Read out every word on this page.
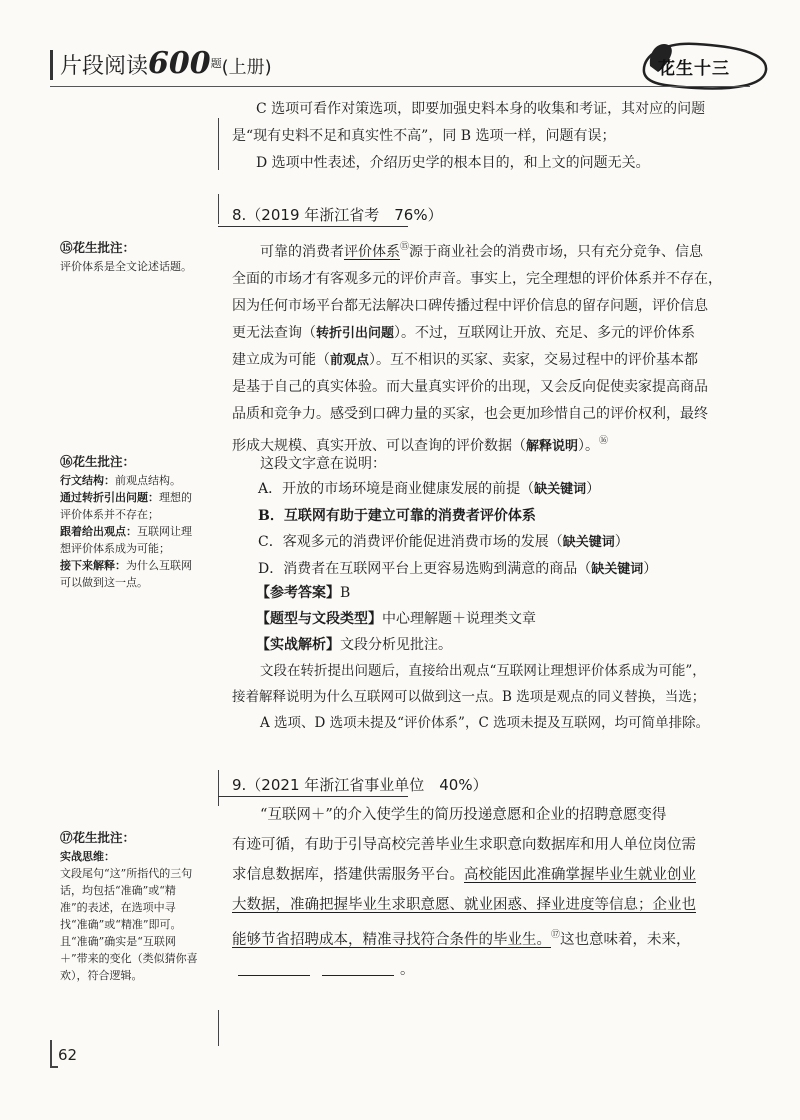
片段阅读$600^题$(上册)	花生十三
C 选项可看作对策选项，即要加强史料本身的收集和考证，其对应的问题
是“现有史料不足和真实性不高”，同 B 选项一样，问题有误；
D 选项中性表述，介绍历史学的根本目的，和上文的问题无关。
8.（2019 年浙江省考　76%）
可靠的消费者评价体系⑮源于商业社会的消费市场，只有充分竞争、信息
全面的市场才有客观多元的评价声音。事实上，完全理想的评价体系并不存在，
因为任何市场平台都无法解决口碑传播过程中评价信息的留存问题，评价信息
更无法查询（转折引出问题）。不过，互联网让开放、充足、多元的评价体系
建立成为可能（前观点）。互不相识的买家、卖家，交易过程中的评价基本都
是基于自己的真实体验。而大量真实评价的出现，又会反向促使卖家提高商品
品质和竞争力。感受到口碑力量的买家，也会更加珍惜自己的评价权利，最终
形成大规模、真实开放、可以查询的评价数据（解释说明）。⑯
这段文字意在说明：
A．开放的市场环境是商业健康发展的前提（缺关键词）
B．互联网有助于建立可靠的消费者评价体系
C．客观多元的消费评价能促进消费市场的发展（缺关键词）
D．消费者在互联网平台上更容易选购到满意的商品（缺关键词）
【参考答案】B
【题型与文段类型】中心理解题＋说理类文章
【实战解析】文段分析见批注。
文段在转折提出问题后，直接给出观点“互联网让理想评价体系成为可能”，
接着解释说明为什么互联网可以做到这一点。B 选项是观点的同义替换，当选；
A 选项、D 选项未提及“评价体系”，C 选项未提及互联网，均可简单排除。
9.（2021 年浙江省事业单位　40%）
“互联网＋”的介入使学生的简历投递意愿和企业的招聘意愿变得
有迹可循，有助于引导高校完善毕业生求职意向数据库和用人单位岗位需
求信息数据库，搭建供需服务平台。高校能因此准确掌握毕业生就业创业
大数据，准确把握毕业生求职意愿、就业困惑、择业进度等信息；企业也
能够节省招聘成本，精准寻找符合条件的毕业生。⑰这也意味着，未来，
。
⑮花生批注：
评价体系是全文论述话题。
⑯花生批注：
行文结构：前观点结构。
通过转折引出问题：理想的评价体系并不存在；
跟着给出观点：互联网让理想评价体系成为可能；
接下来解释：为什么互联网可以做到这一点。
⑰花生批注：
实战思维：
文段尾句“这”所指代的三句话，均包括“准确”或“精准”的表述，在选项中寻找“准确”或“精准”即可。且“准确”确实是“互联网＋”带来的变化（类似猜你喜欢），符合逻辑。
62
